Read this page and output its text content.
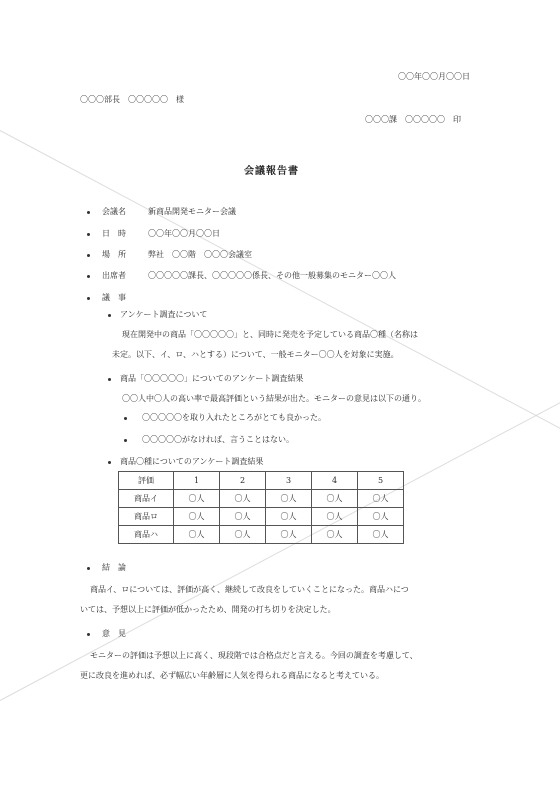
〇〇年〇〇月〇〇日
〇〇〇部長　〇〇〇〇〇　様
〇〇〇課　〇〇〇〇〇　印
会議報告書
会議名	新商品開発モニター会議
日　時	〇〇年〇〇月〇〇日
場　所	弊社　〇〇階　〇〇〇会議室
出席者	〇〇〇〇〇課長、〇〇〇〇〇係長、その他一般募集のモニター〇〇人
議　事
アンケート調査について
現在開発中の商品「〇〇〇〇〇」と、同時に発売を予定している商品〇種（名称は
未定。以下、イ、ロ、ハとする）について、一般モニター〇〇人を対象に実施。
商品「〇〇〇〇〇」についてのアンケート調査結果
〇〇人中〇人の高い率で最高評価という結果が出た。モニターの意見は以下の通り。
〇〇〇〇〇を取り入れたところがとても良かった。
〇〇〇〇〇がなければ、言うことはない。
商品〇種についてのアンケート調査結果
評価	1	2	3	4	5
商品イ	〇人	〇人	〇人	〇人	〇人
商品ロ	〇人	〇人	〇人	〇人	〇人
商品ハ	〇人	〇人	〇人	〇人	〇人
結　論
商品イ、ロについては、評価が高く、継続して改良をしていくことになった。商品ハにつ
いては、予想以上に評価が低かったため、開発の打ち切りを決定した。
意　見
モニターの評価は予想以上に高く、現段階では合格点だと言える。今回の調査を考慮して、
更に改良を進めれば、必ず幅広い年齢層に人気を得られる商品になると考えている。
